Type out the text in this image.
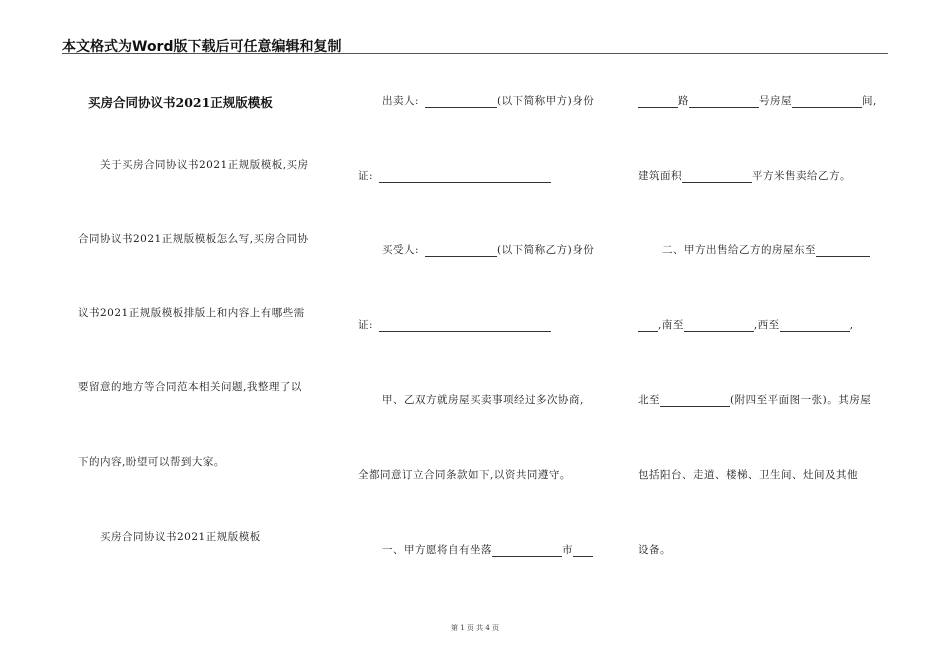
本文格式为Word版下载后可任意编辑和复制
买房合同协议书2021正规版模板
关于买房合同协议书2021正规版模板,买房
合同协议书2021正规版模板怎么写,买房合同协
议书2021正规版模板排版上和内容上有哪些需
要留意的地方等合同范本相关问题,我整理了以
下的内容,盼望可以帮到大家。
买房合同协议书2021正规版模板
出卖人:	(以下简称甲方)身份
证:
买受人:	(以下简称乙方)身份
证:
甲、乙双方就房屋买卖事项经过多次协商,
全都同意订立合同条款如下,以资共同遵守。
一、甲方愿将自有坐落	市
路	号房屋	间,
建筑面积	平方米售卖给乙方。
二、甲方出售给乙方的房屋东至
,南至	,西至	,
北至	(附四至平面图一张)。其房屋
包括阳台、走道、楼梯、卫生间、灶间及其他
设备。
第 1 页 共 4 页
